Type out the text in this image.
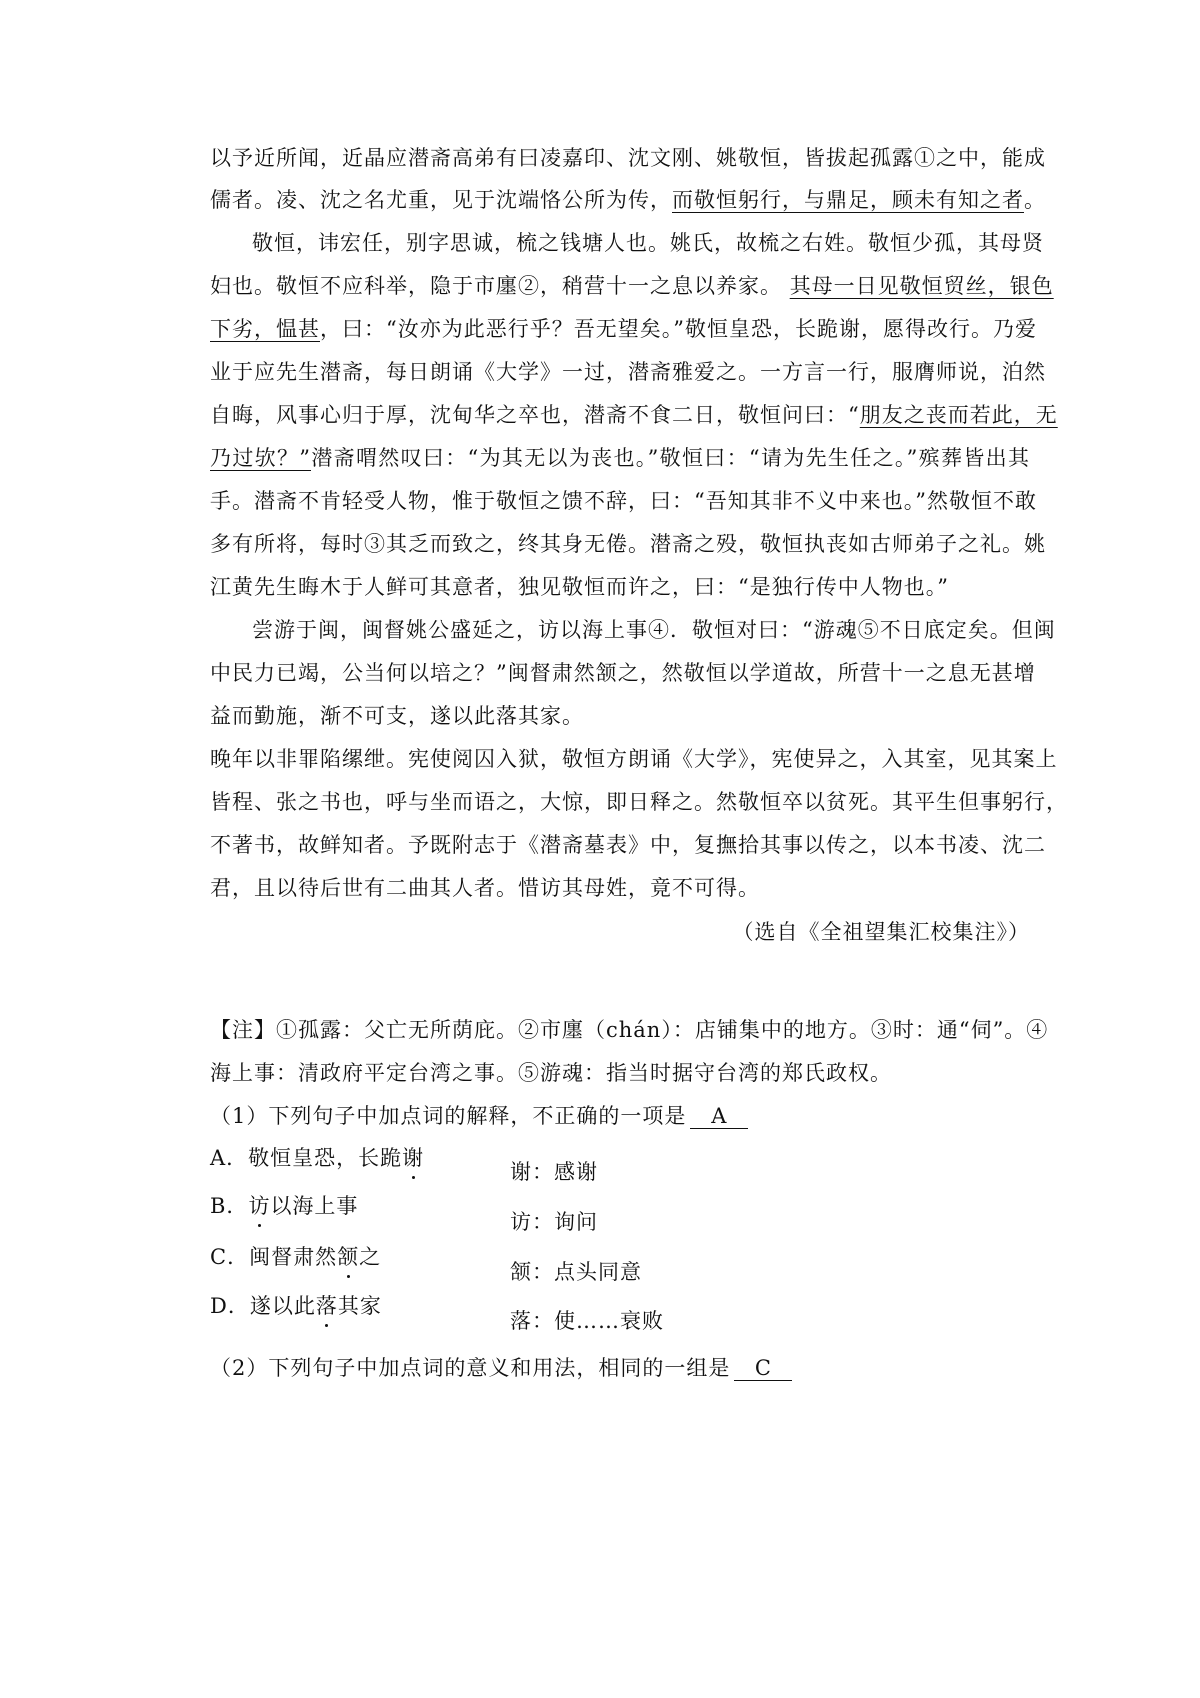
以予近所闻，近晶应潜斋高弟有曰凌嘉印、沈文刚、姚敬恒，皆拔起孤露①之中，能成
儒者。凌、沈之名尤重，见于沈端恪公所为传，而敬恒躬行，与鼎足，顾未有知之者。
敬恒，讳宏任，别字思诚，梳之钱塘人也。姚氏，故梳之右姓。敬恒少孤，其母贤
妇也。敬恒不应科举，隐于市廛②，稍营十一之息以养家。 其母一日见敬恒贸丝，银色
下劣，愠甚，曰：“汝亦为此恶行乎？吾无望矣。”敬恒皇恐，长跪谢，愿得改行。乃爱
业于应先生潜斋，每日朗诵《大学》一过，潜斋雅爱之。一方言一行，服膺师说，泊然
自晦，风事心归于厚，沈甸华之卒也，潜斋不食二日，敬恒问曰：“朋友之丧而若此，无
乃过欤？”潜斋喟然叹曰：“为其无以为丧也。”敬恒曰：“请为先生任之。”殡葬皆出其
手。潜斋不肯轻受人物，惟于敬恒之馈不辞，曰：“吾知其非不义中来也。”然敬恒不敢
多有所将，每时③其乏而致之，终其身无倦。潜斋之殁，敬恒执丧如古师弟子之礼。姚
江黄先生晦木于人鲜可其意者，独见敬恒而许之，曰：“是独行传中人物也。”
尝游于闽，闽督姚公盛延之，访以海上事④．敬恒对曰：“游魂⑤不日底定矣。但闽
中民力已竭，公当何以培之？”闽督肃然颔之，然敬恒以学道故，所营十一之息无甚增
益而勤施，渐不可支，遂以此落其家。
晚年以非罪陷缧绁。宪使阅囚入狱，敬恒方朗诵《大学》，宪使异之，入其室，见其案上
皆程、张之书也，呼与坐而语之，大惊，即日释之。然敬恒卒以贫死。其平生但事躬行，
不著书，故鲜知者。予既附志于《潜斋墓表》中，复撫拾其事以传之，以本书凌、沈二
君，且以待后世有二曲其人者。惜访其母姓，竟不可得。
（选自《全祖望集汇校集注》）
【注】①孤露：父亡无所荫庇。②市廛（chán）：店铺集中的地方。③时：通“伺”。④
海上事：清政府平定台湾之事。⑤游魂：指当时据守台湾的郑氏政权。
（1）下列句子中加点词的解释，不正确的一项是 A
A．敬恒皇恐，长跪谢
谢：感谢
B．访以海上事
访：询问
C．闽督肃然颔之
颔：点头同意
D．遂以此落其家
落：使……衰败
（2）下列句子中加点词的意义和用法，相同的一组是 C
